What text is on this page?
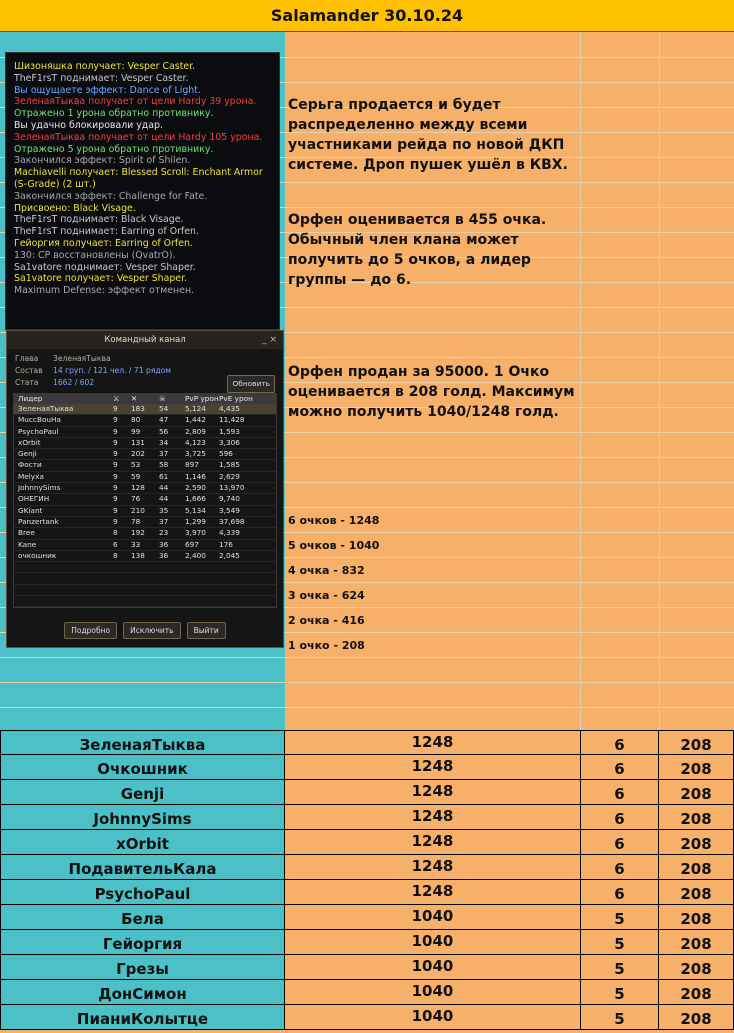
Salamander 30.10.24
Шизоняшка получает: Vesper Caster.
TheF1rsT поднимает: Vesper Caster.
Вы ощущаете эффект: Dance of Light.
ЗеленаяТыква получает от цели Hardy 39 урона.
Отражено 1 урона обратно противнику.
Вы удачно блокировали удар.
ЗеленаяТыква получает от цели Hardy 105 урона.
Отражено 5 урона обратно противнику.
Закончился эффект: Spirit of Shilen.
Machiavelli получает: Blessed Scroll: Enchant Armor
(S-Grade) (2 шт.)
Закончился эффект: Challenge for Fate.
Присвоено: Black Visage.
TheF1rsT поднимает: Black Visage.
TheF1rsT поднимает: Earring of Orfen.
Гейоргия получает: Earring of Orfen.
130: CP восстановлены (QvatrO).
Sa1vatore поднимает: Vesper Shaper.
Sa1vatore получает: Vesper Shaper.
Maximum Defense: эффект отменен.
Командный канал	_ ×
Глава ЗеленаяТыква
Состав 14 груп. / 121 чел. / 71 рядом
Стата 1662 / 602	Обновить
Лидер	⚔	✕	☠	PvP урон PvE урон
ЗеленаяТыква	9	183	54	5,124	4,435
MuccBouHa	9	80	47	1,442	11,428
PsychoPaul	9	99	56	2,809	1,593
xOrbit	9	131	34	4,123	3,306
Genji	9	202	37	3,725	596
Фости	9	53	58	897	1,585
Melyxa	9	59	61	1,146	2,629
JohnnySims	9	128	44	2,590	13,970
ОНЕГИН	9	76	44	1,666	9,740
GKiant	9	210	35	5,134	3,549
Panzertank	9	78	37	1,299	37,698
Bree	8	192	23	3,970	4,339
Kane	6	33	36	697	176
очкошник	8	138	36	2,400	2,045
Подробно	Исключить	Выйти
Серьга продается и будет распределенно между всеми участниками рейда по новой ДКП системе. Дроп пушек ушёл в КВХ.
Орфен оценивается в 455 очка. Обычный член клана может получить до 5 очков, а лидер группы — до 6.
Орфен продан за 95000. 1 Очко оценивается в 208 голд. Максимум можно получить 1040/1248 голд.
6 очков - 1248
5 очков - 1040
4 очка - 832
3 очка - 624
2 очка - 416
1 очко - 208
ЗеленаяТыква	1248	6	208
Очкошник	1248	6	208
Genji	1248	6	208
JohnnySims	1248	6	208
xOrbit	1248	6	208
ПодавительКала	1248	6	208
PsychoPaul	1248	6	208
Бела	1040	5	208
Гейоргия	1040	5	208
Грезы	1040	5	208
ДонСимон	1040	5	208
ПианиКолытце	1040	5	208
